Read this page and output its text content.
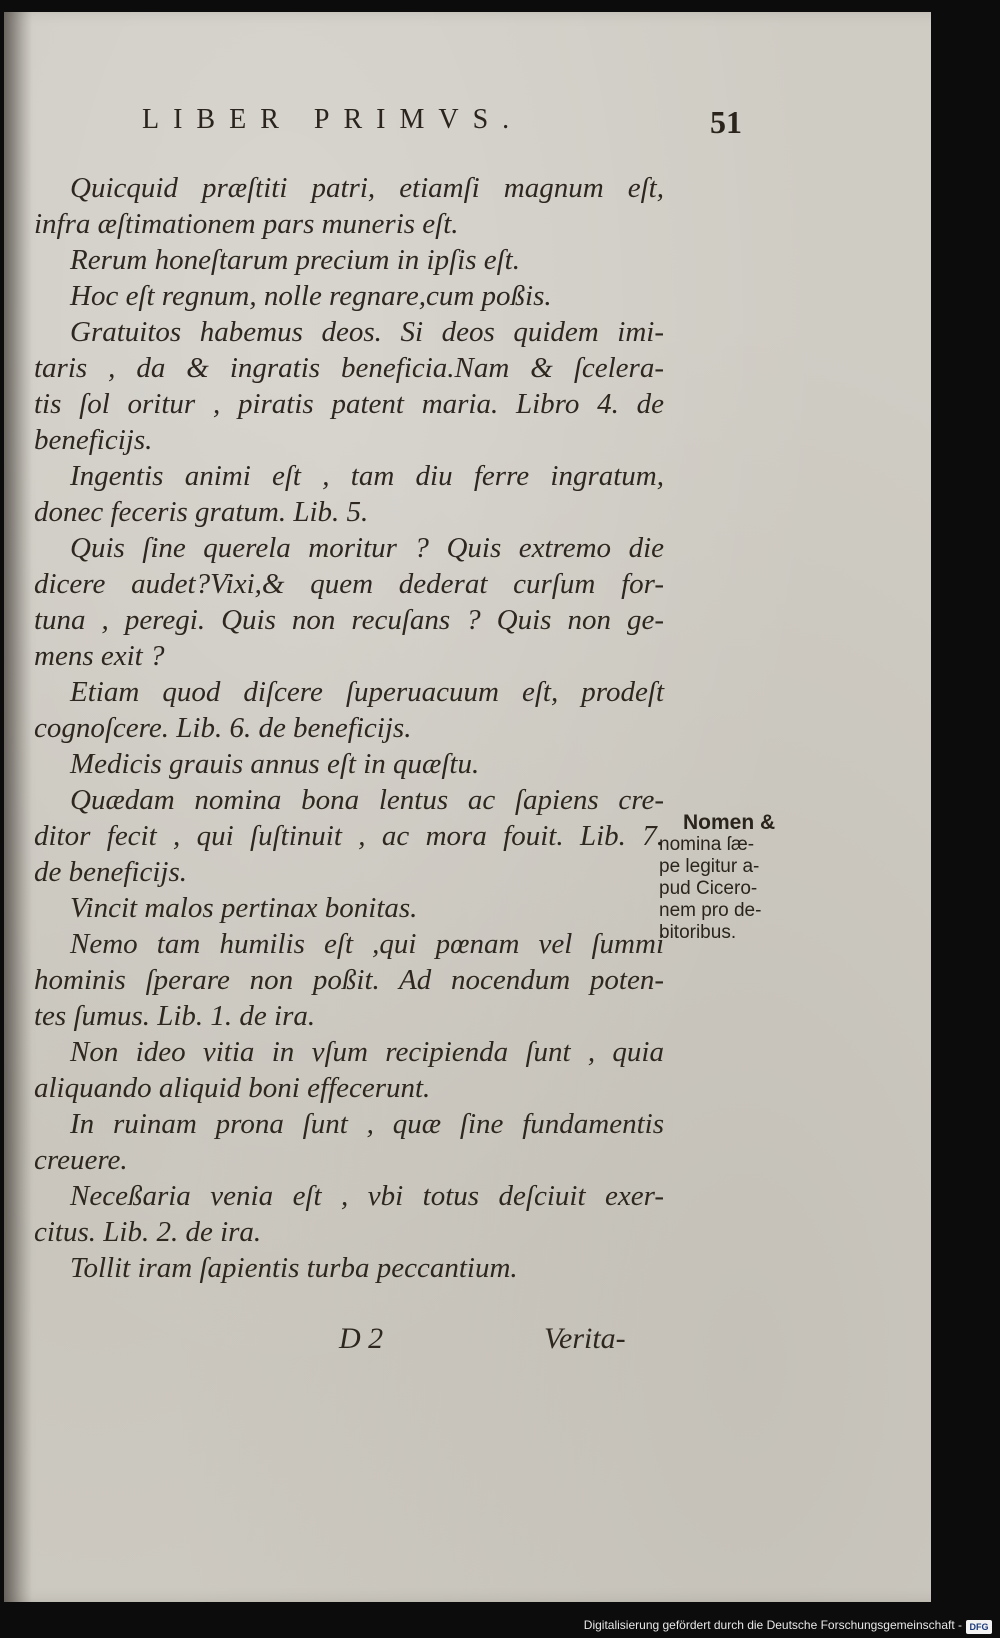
LIBER PRIMVS.	51
Quicquid præſtiti patri, etiamſi magnum eſt,
infra æſtimationem pars muneris eſt.
Rerum honeſtarum precium in ipſis eſt.
Hoc eſt regnum, nolle regnare,cum poßis.
Gratuitos habemus deos. Si deos quidem imi-
taris , da & ingratis beneficia.Nam & ſcelera-
tis ſol oritur , piratis patent maria. Libro 4. de
beneficijs.
Ingentis animi eſt , tam diu ferre ingratum,
donec feceris gratum. Lib. 5.
Quis ſine querela moritur ? Quis extremo die
dicere audet?Vixi,& quem dederat curſum for-
tuna , peregi. Quis non recuſans ? Quis non ge-
mens exit ?
Etiam quod diſcere ſuperuacuum eſt, prodeſt
cognoſcere. Lib. 6. de beneficijs.
Medicis grauis annus eſt in quæſtu.
Quædam nomina bona lentus ac ſapiens cre-
ditor fecit , qui ſuſtinuit , ac mora fouit. Lib. 7.
de beneficijs.
Vincit malos pertinax bonitas.
Nemo tam humilis eſt ,qui pœnam vel ſummi
hominis ſperare non poßit. Ad nocendum poten-
tes ſumus. Lib. 1. de ira.
Non ideo vitia in vſum recipienda ſunt , quia
aliquando aliquid boni effecerunt.
In ruinam prona ſunt , quæ ſine fundamentis
creuere.
Neceßaria venia eſt , vbi totus deſciuit exer-
citus. Lib. 2. de ira.
Tollit iram ſapientis turba peccantium.
Nomen &
nomina ſæ-
pe legitur a-
pud Cicero-
nem pro de-
bitoribus.
D 2	Verita-
Digitalisierung gefördert durch die Deutsche Forschungsgemeinschaft - DFG
